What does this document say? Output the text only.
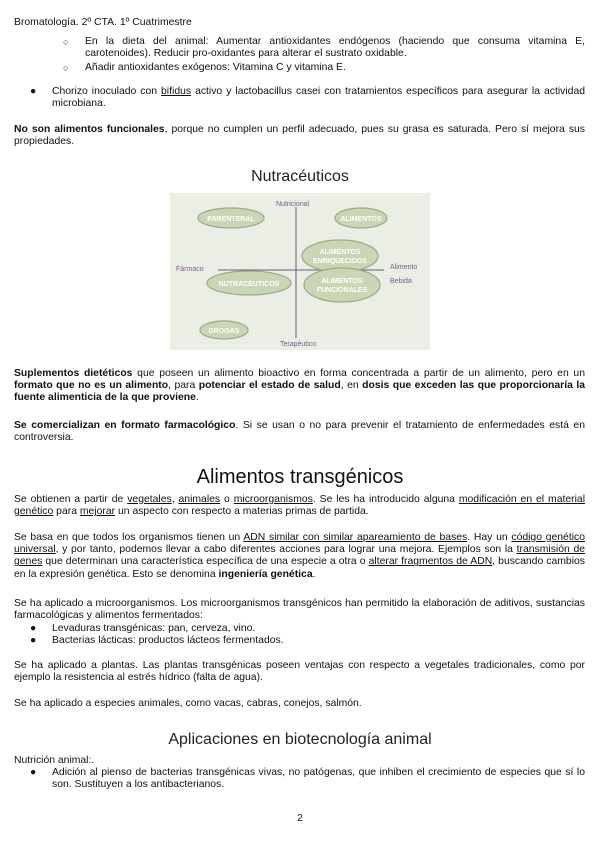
Bromatología. 2º CTA. 1º Cuatrimestre
○ En la dieta del animal: Aumentar antioxidantes endógenos (haciendo que consuma vitamina E, carotenoides). Reducir pro-oxidantes para alterar el sustrato oxidable.
○ Añadir antioxidantes exógenos: Vitamina C y vitamina E.
● Chorizo inoculado con bifidus activo y lactobacillus casei con tratamientos específicos para asegurar la actividad microbiana.
No son alimentos funcionales, porque no cumplen un perfil adecuado, pues su grasa es saturada. Pero sí mejora sus propiedades.
Nutracéuticos
Nutricional
Terapéutico
Fármaco	Alimento
Bebida
PARENTERAL	ALIMENTOS
ALIMENTOS
ENRIQUECIDOS
NUTRACÉUTICOS	ALIMENTOS
FUNCIONALES
DROGAS
Suplementos dietéticos que poseen un alimento bioactivo en forma concentrada a partir de un alimento, pero en un formato que no es un alimento, para potenciar el estado de salud, en dosis que exceden las que proporcionaría la fuente alimenticia de la que proviene.
Se comercializan en formato farmacológico. Si se usan o no para prevenir el tratamiento de enfermedades está en controversia.
Alimentos transgénicos
Se obtienen a partir de vegetales, animales o microorganismos. Se les ha introducido alguna modificación en el material genético para mejorar un aspecto con respecto a materias primas de partida.
Se basa en que todos los organismos tienen un ADN similar con similar apareamiento de bases. Hay un código genético universal, y por tanto, podemos llevar a cabo diferentes acciones para lograr una mejora. Ejemplos son la transmisión de genes que determinan una característica específica de una especie a otra o alterar fragmentos de ADN, buscando cambios en la expresión genética. Esto se denomina ingeniería genética.
Se ha aplicado a microorganismos. Los microorganismos transgénicos han permitido la elaboración de aditivos, sustancias farmacológicas y alimentos fermentados:
● Levaduras transgénicas: pan, cerveza, vino.
● Bacterias lácticas: productos lácteos fermentados.
Se ha aplicado a plantas. Las plantas transgénicas poseen ventajas con respecto a vegetales tradicionales, como por ejemplo la resistencia al estrés hídrico (falta de agua).
Se ha aplicado a especies animales, como vacas, cabras, conejos, salmón.
Aplicaciones en biotecnología animal
Nutrición animal:.
● Adición al pienso de bacterias transgénicas vivas, no patógenas, que inhiben el crecimiento de especies que sí lo son. Sustituyen a los antibacterianos.
2
